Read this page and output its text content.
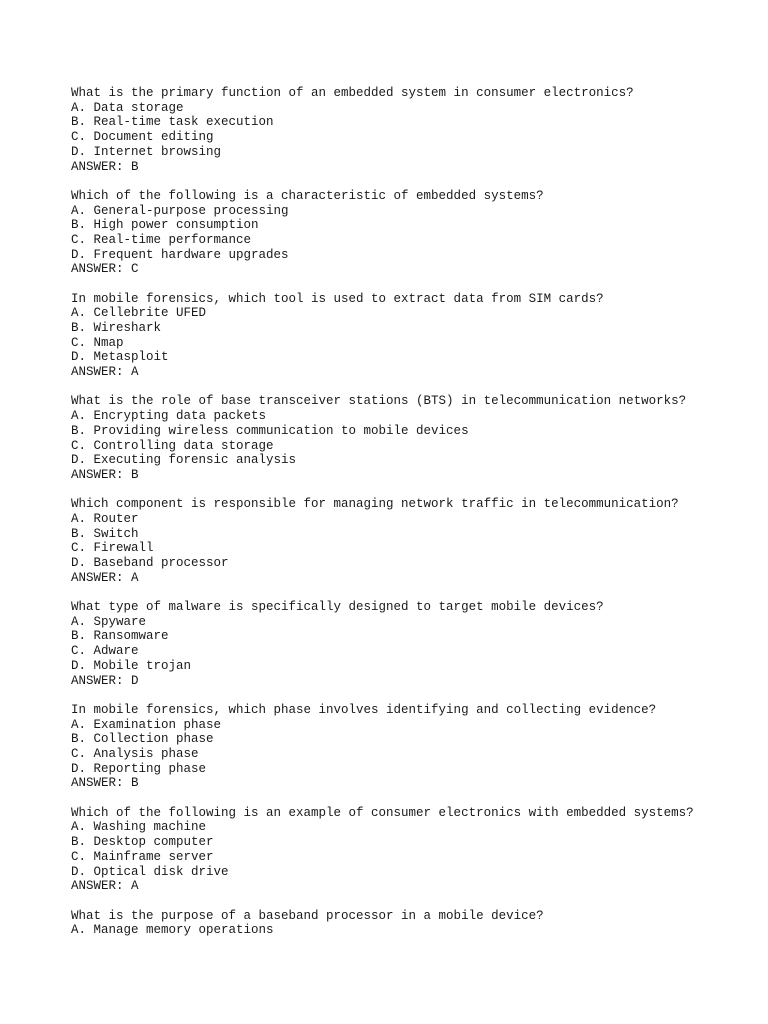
What is the primary function of an embedded system in consumer electronics?
A. Data storage
B. Real-time task execution
C. Document editing
D. Internet browsing
ANSWER: B
Which of the following is a characteristic of embedded systems?
A. General-purpose processing
B. High power consumption
C. Real-time performance
D. Frequent hardware upgrades
ANSWER: C
In mobile forensics, which tool is used to extract data from SIM cards?
A. Cellebrite UFED
B. Wireshark
C. Nmap
D. Metasploit
ANSWER: A
What is the role of base transceiver stations (BTS) in telecommunication networks?
A. Encrypting data packets
B. Providing wireless communication to mobile devices
C. Controlling data storage
D. Executing forensic analysis
ANSWER: B
Which component is responsible for managing network traffic in telecommunication?
A. Router
B. Switch
C. Firewall
D. Baseband processor
ANSWER: A
What type of malware is specifically designed to target mobile devices?
A. Spyware
B. Ransomware
C. Adware
D. Mobile trojan
ANSWER: D
In mobile forensics, which phase involves identifying and collecting evidence?
A. Examination phase
B. Collection phase
C. Analysis phase
D. Reporting phase
ANSWER: B
Which of the following is an example of consumer electronics with embedded systems?
A. Washing machine
B. Desktop computer
C. Mainframe server
D. Optical disk drive
ANSWER: A
What is the purpose of a baseband processor in a mobile device?
A. Manage memory operations
